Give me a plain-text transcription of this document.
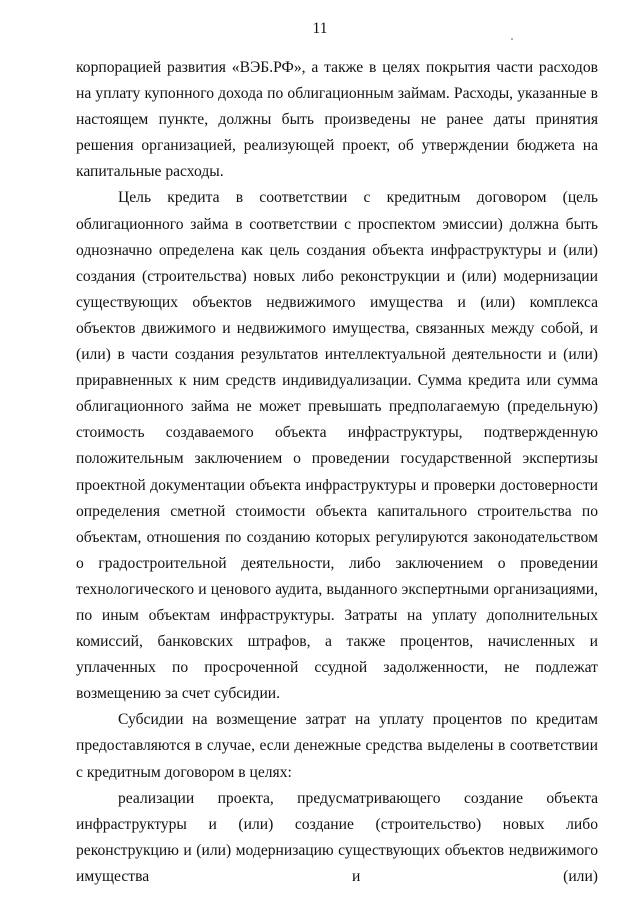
11

корпорацией развития «ВЭБ.РФ», а также в целях покрытия части расходов на уплату купонного дохода по облигационным займам. Расходы, указанные в настоящем пункте, должны быть произведены не ранее даты принятия решения организацией, реализующей проект, об утверждении бюджета на капитальные расходы.

Цель кредита в соответствии с кредитным договором (цель облигационного займа в соответствии с проспектом эмиссии) должна быть однозначно определена как цель создания объекта инфраструктуры и (или) создания (строительства) новых либо реконструкции и (или) модернизации существующих объектов недвижимого имущества и (или) комплекса объектов движимого и недвижимого имущества, связанных между собой, и (или) в части создания результатов интеллектуальной деятельности и (или) приравненных к ним средств индивидуализации. Сумма кредита или сумма облигационного займа не может превышать предполагаемую (предельную) стоимость создаваемого объекта инфраструктуры, подтвержденную положительным заключением о проведении государственной экспертизы проектной документации объекта инфраструктуры и проверки достоверности определения сметной стоимости объекта капитального строительства по объектам, отношения по созданию которых регулируются законодательством о градостроительной деятельности, либо заключением о проведении технологического и ценового аудита, выданного экспертными организациями, по иным объектам инфраструктуры. Затраты на уплату дополнительных комиссий, банковских штрафов, а также процентов, начисленных и уплаченных по просроченной ссудной задолженности, не подлежат возмещению за счет субсидии.

Субсидии на возмещение затрат на уплату процентов по кредитам предоставляются в случае, если денежные средства выделены в соответствии с кредитным договором в целях:

реализации проекта, предусматривающего создание объекта инфраструктуры и (или) создание (строительство) новых либо реконструкцию и (или) модернизацию существующих объектов недвижимого имущества и (или)
